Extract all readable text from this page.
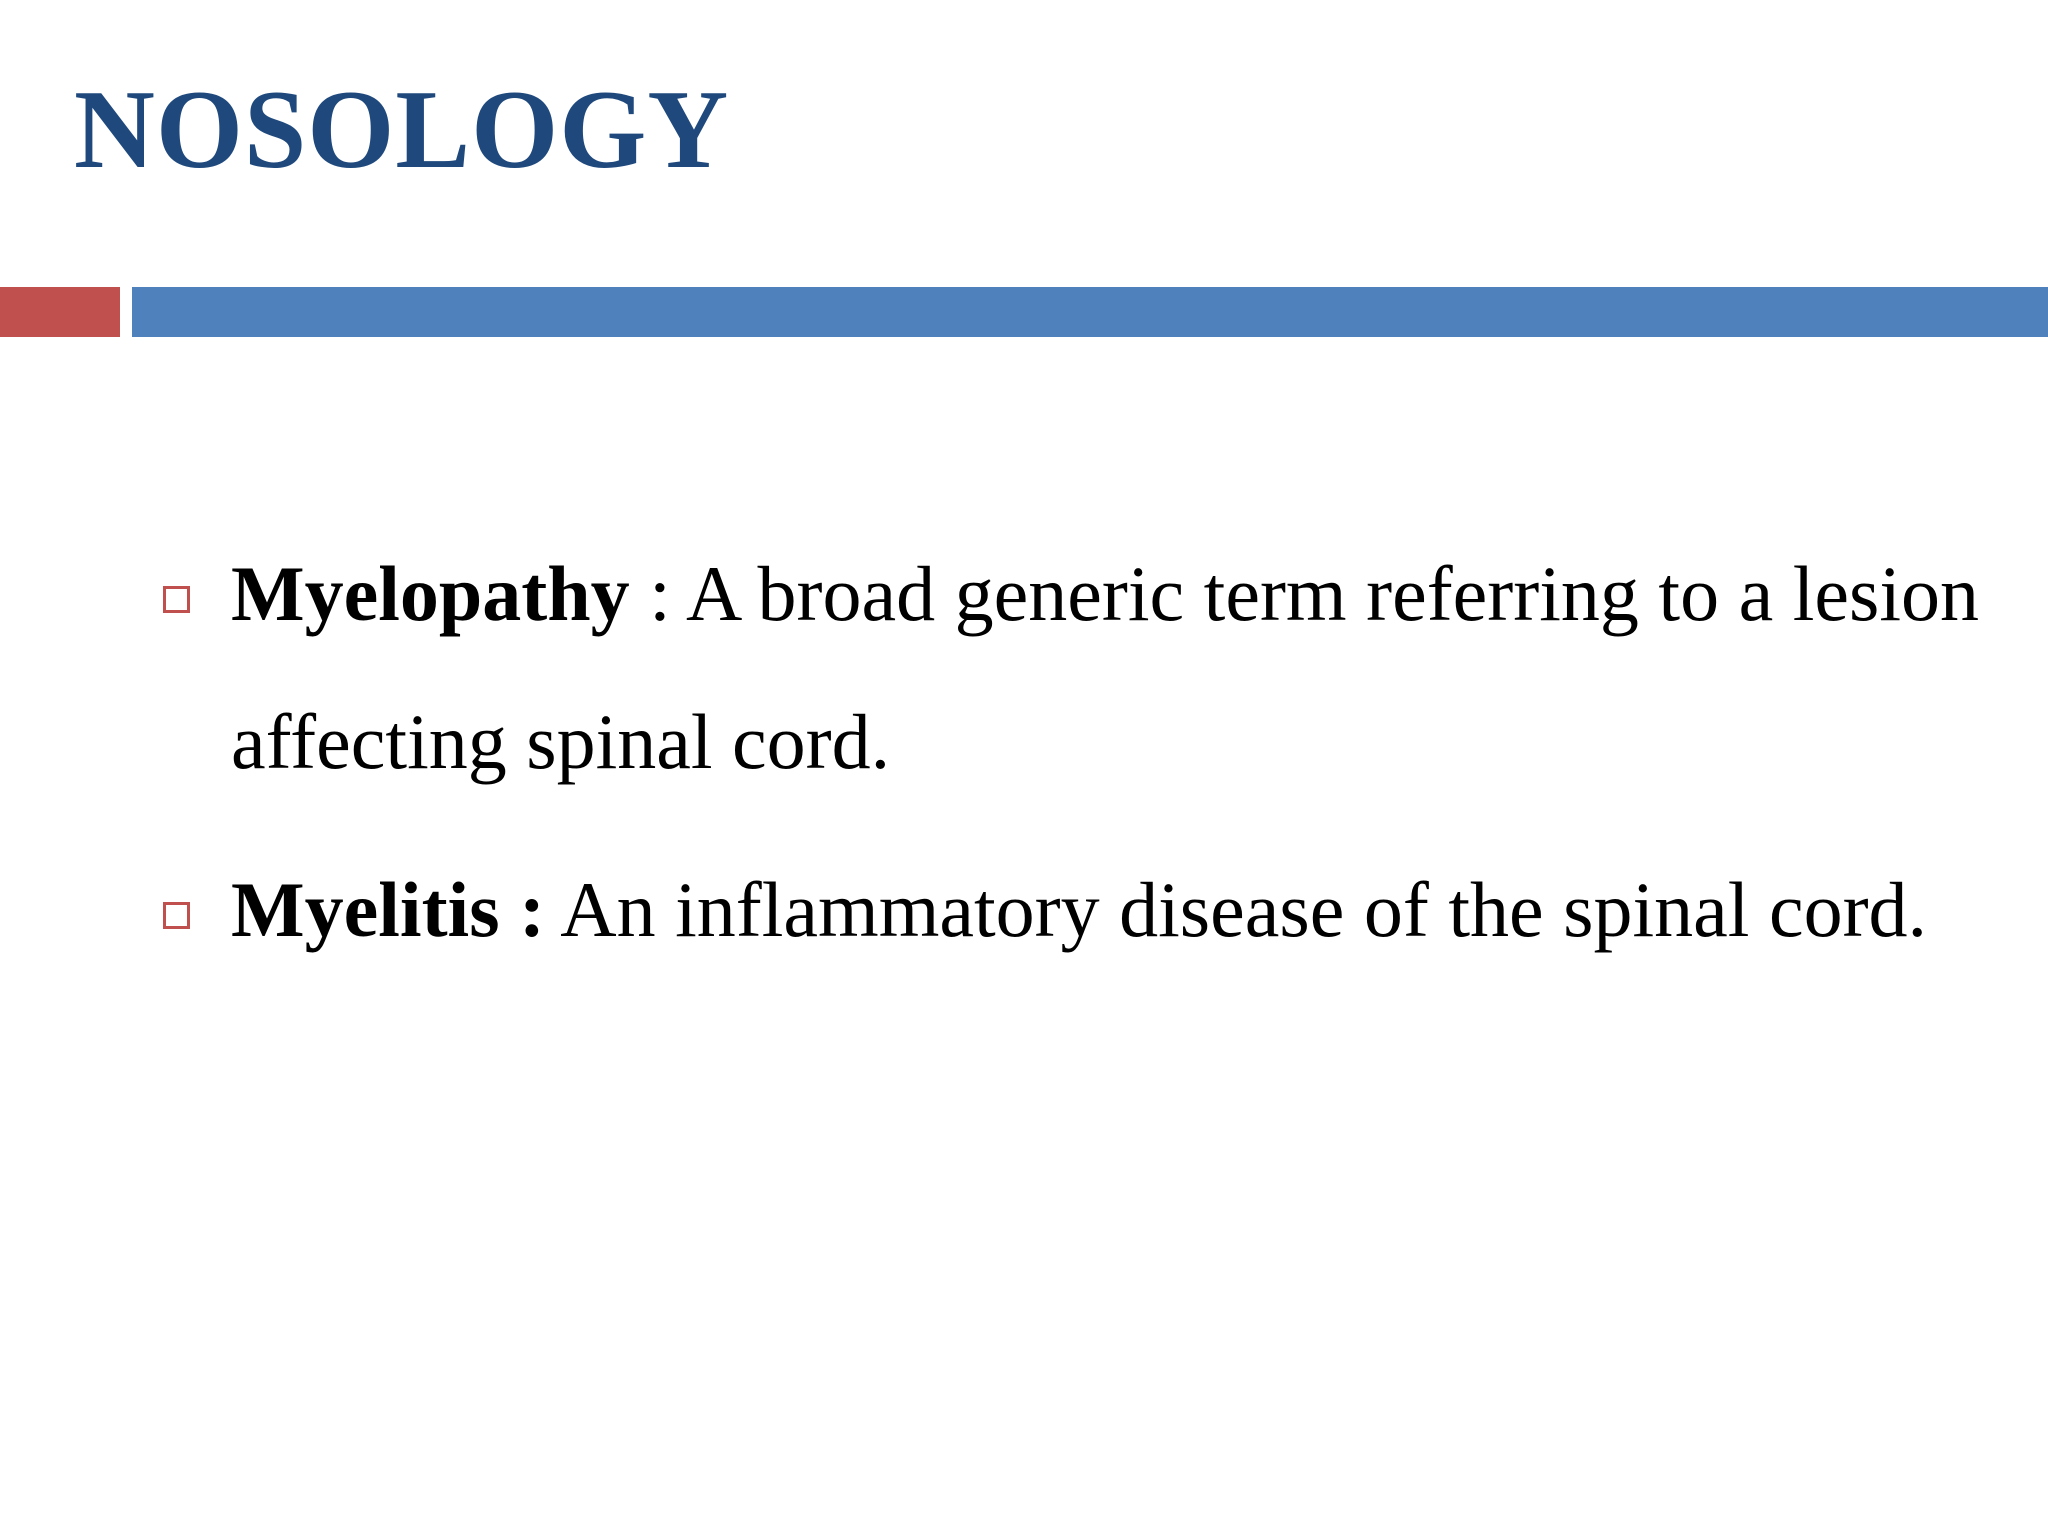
NOSOLOGY
Myelopathy : A broad generic term referring to a lesion affecting spinal cord.
Myelitis : An inflammatory disease of the spinal cord.
